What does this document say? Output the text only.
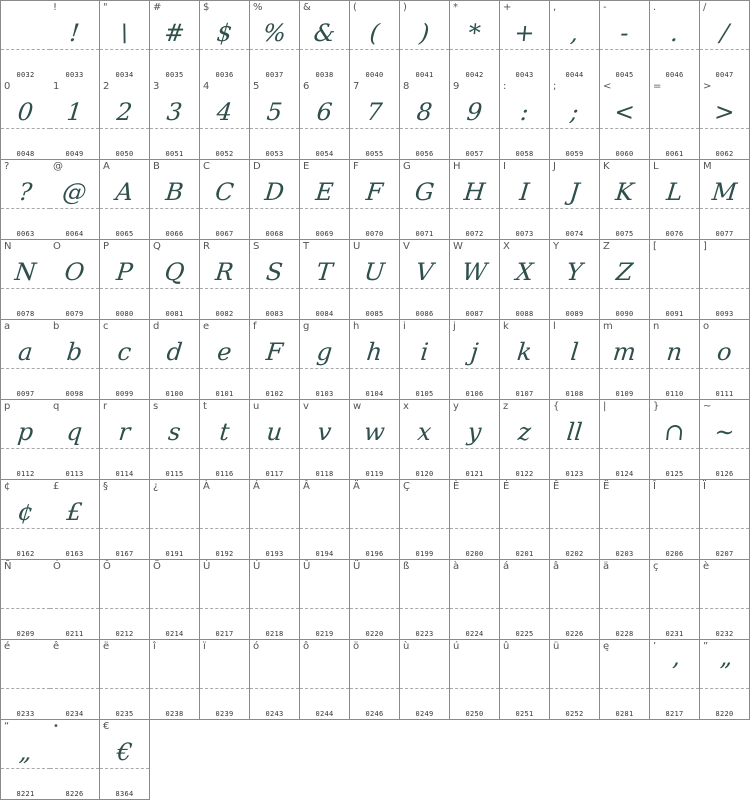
0032
!
!
0033
"
\
0034
#
#
0035
$
$
0036
%
%
0037
&
&
0038
(
(
0040
)
)
0041
*
*
0042
+
+
0043
,
,
0044
-
-
0045
.
.
0046
/
/
0047
0
0
0048
1
1
0049
2
2
0050
3
3
0051
4
4
0052
5
5
0053
6
6
0054
7
7
0055
8
8
0056
9
9
0057
:
:
0058
;
;
0059
<
<
0060
=
0061
>
>
0062
?
?
0063
@
@
0064
A
A
0065
B
B
0066
C
C
0067
D
D
0068
E
E
0069
F
F
0070
G
G
0071
H
H
0072
I
I
0073
J
J
0074
K
K
0075
L
L
0076
M
M
0077
N
N
0078
O
O
0079
P
P
0080
Q
Q
0081
R
R
0082
S
S
0083
T
T
0084
U
U
0085
V
V
0086
W
W
0087
X
X
0088
Y
Y
0089
Z
Z
0090
[
0091
]
0093
a
a
0097
b
b
0098
c
c
0099
d
d
0100
e
e
0101
f
F
0102
g
g
0103
h
h
0104
i
i
0105
j
j
0106
k
k
0107
l
l
0108
m
m
0109
n
n
0110
o
o
0111
p
p
0112
q
q
0113
r
r
0114
s
s
0115
t
t
0116
u
u
0117
v
v
0118
w
w
0119
x
x
0120
y
y
0121
z
z
0122
{
ll
0123
|
0124
}
∩
0125
~
~
0126
¢
¢
0162
£
£
0163
§
0167
¿
0191
À
0192
Á
0193
Â
0194
Ä
0196
Ç
0199
È
0200
É
0201
Ê
0202
Ë
0203
Î
0206
Ï
0207
Ñ
0209
Ó
0211
Ô
0212
Ö
0214
Ù
0217
Ú
0218
Û
0219
Ü
0220
ß
0223
à
0224
á
0225
â
0226
ä
0228
ç
0231
è
0232
é
0233
ê
0234
ë
0235
î
0238
ï
0239
ó
0243
ô
0244
ö
0246
ù
0249
ú
0250
û
0251
ü
0252
ę
0281
’
’
8217
”
”
8220
“
„
8221
•
8226
€
€
8364
